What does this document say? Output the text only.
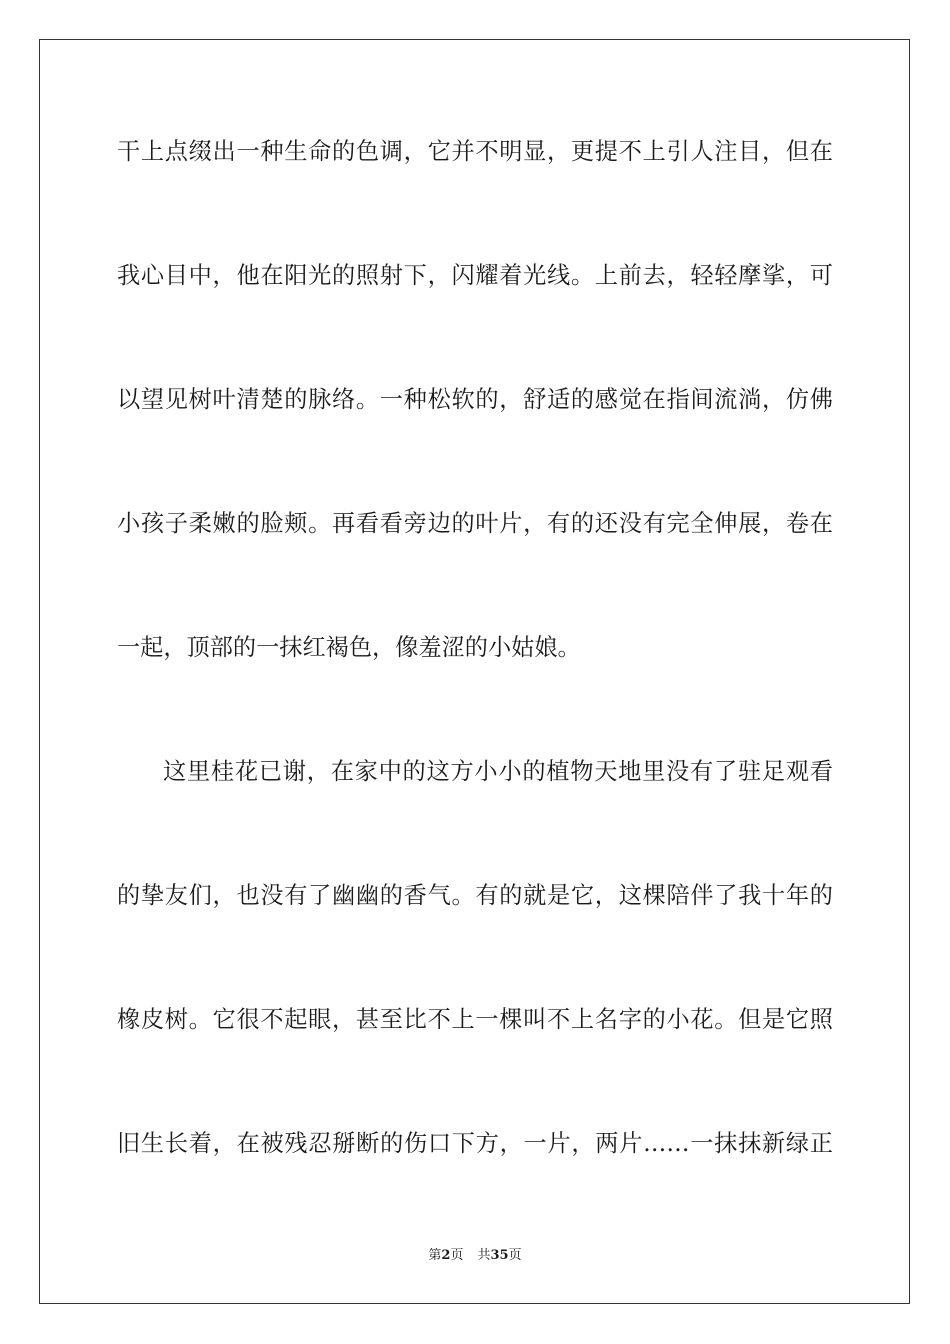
干上点缀出一种生命的色调，它并不明显，更提不上引人注目，但在
我心目中，他在阳光的照射下，闪耀着光线。上前去，轻轻摩挲，可
以望见树叶清楚的脉络。一种松软的，舒适的感觉在指间流淌，仿佛
小孩子柔嫩的脸颊。再看看旁边的叶片，有的还没有完全伸展，卷在
一起，顶部的一抹红褐色，像羞涩的小姑娘。
这里桂花已谢，在家中的这方小小的植物天地里没有了驻足观看
的挚友们，也没有了幽幽的香气。有的就是它，这棵陪伴了我十年的
橡皮树。它很不起眼，甚至比不上一棵叫不上名字的小花。但是它照
旧生长着，在被残忍掰断的伤口下方，一片，两片……一抹抹新绿正
第2页 共35页
